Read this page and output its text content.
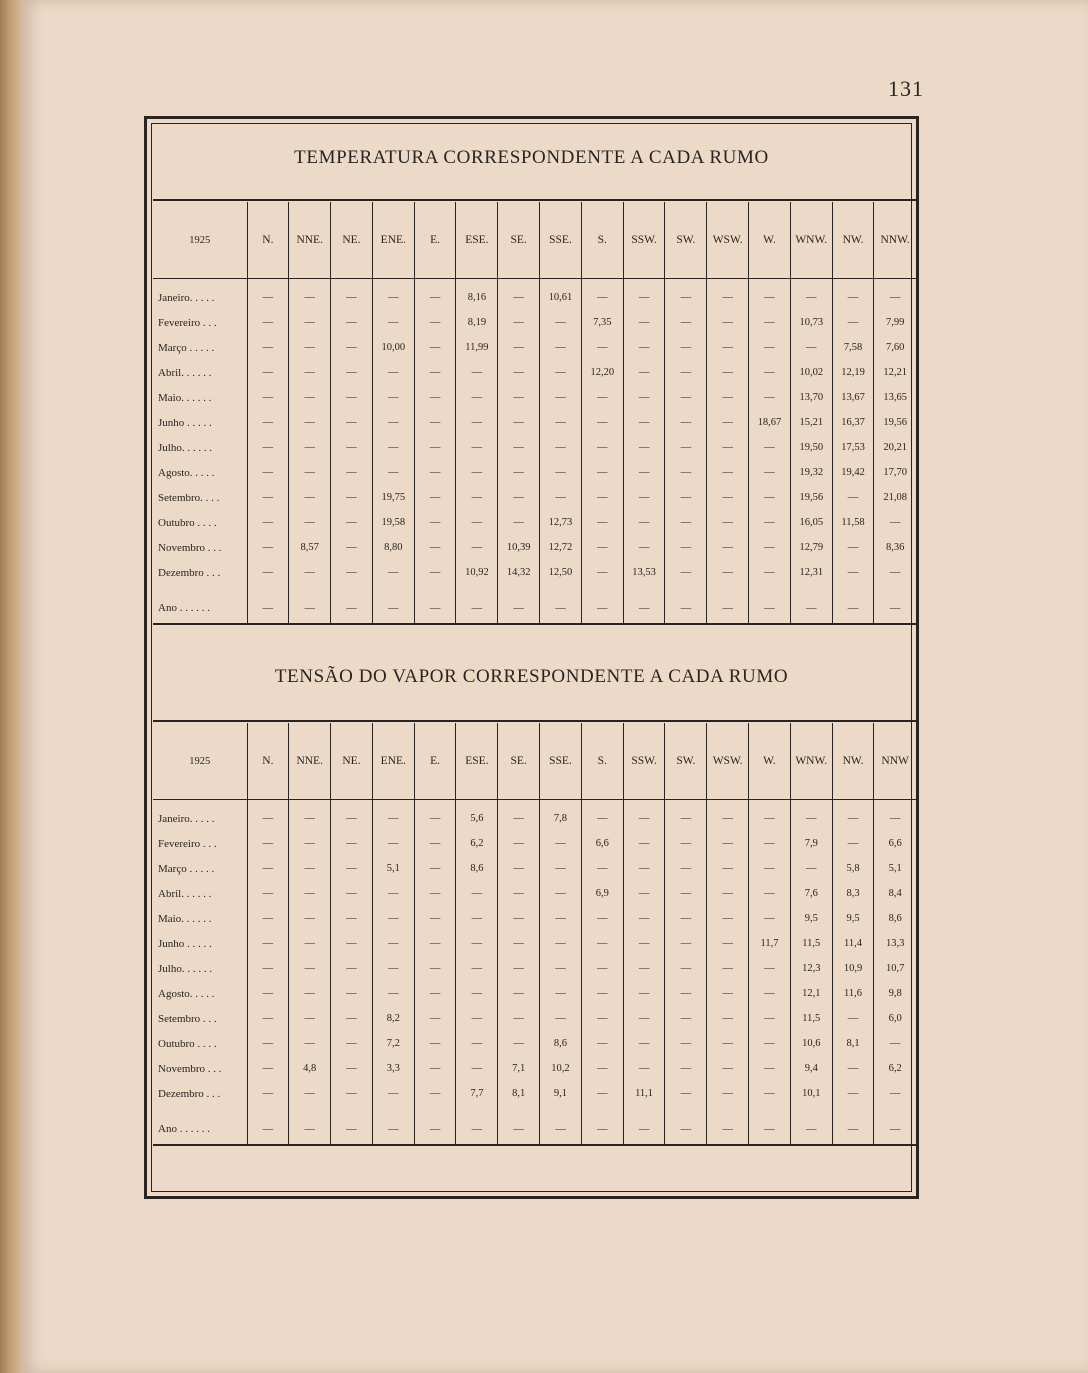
131
TEMPERATURA CORRESPONDENTE A CADA RUMO
1925	N.	NNE.	NE.	ENE.	E.	ESE.	SE.	SSE.	S.	SSW.	SW.	WSW.	W.	WNW.	NW.	NNW.
Janeiro. . . . .	—	—	—	—	—	8,16	—	10,61	—	—	—	—	—	—	—	—
Fevereiro . . .	—	—	—	—	—	8,19	—	—	7,35	—	—	—	—	10,73	—	7,99
Março . . . . .	—	—	—	10,00	—	11,99	—	—	—	—	—	—	—	—	7,58	7,60
Abril. . . . . .	—	—	—	—	—	—	—	—	12,20	—	—	—	—	10,02	12,19	12,21
Maio. . . . . .	—	—	—	—	—	—	—	—	—	—	—	—	—	13,70	13,67	13,65
Junho . . . . .	—	—	—	—	—	—	—	—	—	—	—	—	18,67	15,21	16,37	19,56
Julho. . . . . .	—	—	—	—	—	—	—	—	—	—	—	—	—	19,50	17,53	20,21
Agosto. . . . .	—	—	—	—	—	—	—	—	—	—	—	—	—	19,32	19,42	17,70
Setembro. . . .	—	—	—	19,75	—	—	—	—	—	—	—	—	—	19,56	—	21,08
Outubro . . . .	—	—	—	19,58	—	—	—	12,73	—	—	—	—	—	16,05	11,58	—
Novembro . . .	—	8,57	—	8,80	—	—	10,39	12,72	—	—	—	—	—	12,79	—	8,36
Dezembro . . .	—	—	—	—	—	10,92	14,32	12,50	—	13,53	—	—	—	12,31	—	—

Ano . . . . . .	—	—	—	—	—	—	—	—	—	—	—	—	—	—	—	—
TENSÃO DO VAPOR CORRESPONDENTE A CADA RUMO
1925	N.	NNE.	NE.	ENE.	E.	ESE.	SE.	SSE.	S.	SSW.	SW.	WSW.	W.	WNW.	NW.	NNW
Janeiro. . . . .	—	—	—	—	—	5,6	—	7,8	—	—	—	—	—	—	—	—
Fevereiro . . .	—	—	—	—	—	6,2	—	—	6,6	—	—	—	—	7,9	—	6,6
Março . . . . .	—	—	—	5,1	—	8,6	—	—	—	—	—	—	—	—	5,8	5,1
Abril. . . . . .	—	—	—	—	—	—	—	—	6,9	—	—	—	—	7,6	8,3	8,4
Maio. . . . . .	—	—	—	—	—	—	—	—	—	—	—	—	—	9,5	9,5	8,6
Junho . . . . .	—	—	—	—	—	—	—	—	—	—	—	—	11,7	11,5	11,4	13,3
Julho. . . . . .	—	—	—	—	—	—	—	—	—	—	—	—	—	12,3	10,9	10,7
Agosto. . . . .	—	—	—	—	—	—	—	—	—	—	—	—	—	12,1	11,6	9,8
Setembro . . .	—	—	—	8,2	—	—	—	—	—	—	—	—	—	11,5	—	6,0
Outubro . . . .	—	—	—	7,2	—	—	—	8,6	—	—	—	—	—	10,6	8,1	—
Novembro . . .	—	4,8	—	3,3	—	—	7,1	10,2	—	—	—	—	—	9,4	—	6,2
Dezembro . . .	—	—	—	—	—	7,7	8,1	9,1	—	11,1	—	—	—	10,1	—	—

Ano . . . . . .	—	—	—	—	—	—	—	—	—	—	—	—	—	—	—	—
